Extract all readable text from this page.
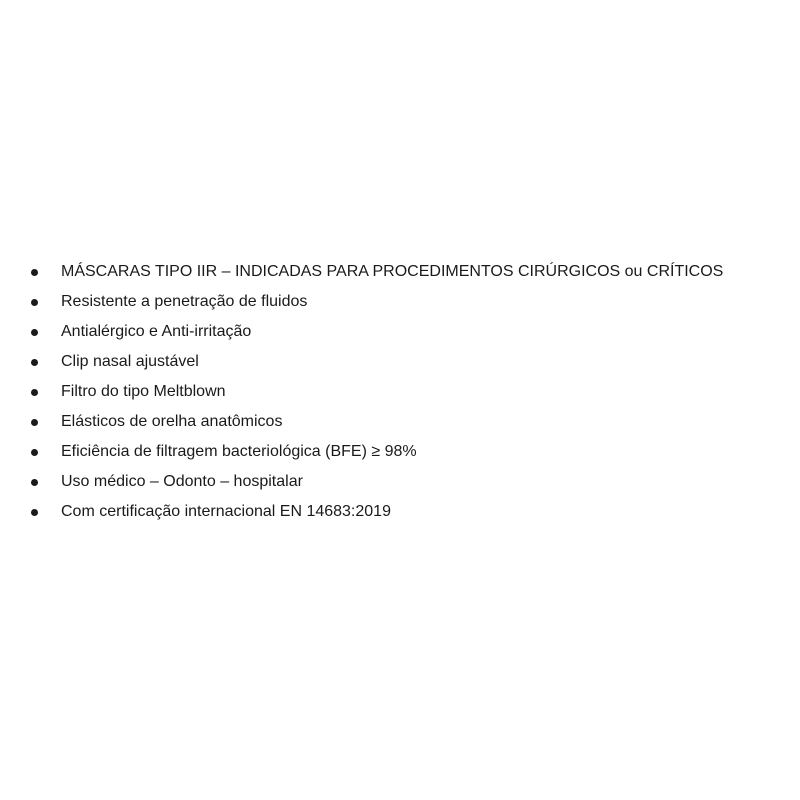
MÁSCARAS TIPO IIR – INDICADAS PARA PROCEDIMENTOS CIRÚRGICOS ou CRÍTICOS
Resistente a penetração de fluidos
Antialérgico e Anti-irritação
Clip nasal ajustável
Filtro do tipo Meltblown
Elásticos de orelha anatômicos
Eficiência de filtragem bacteriológica (BFE) ≥ 98%
Uso médico – Odonto – hospitalar
Com certificação internacional EN 14683:2019
